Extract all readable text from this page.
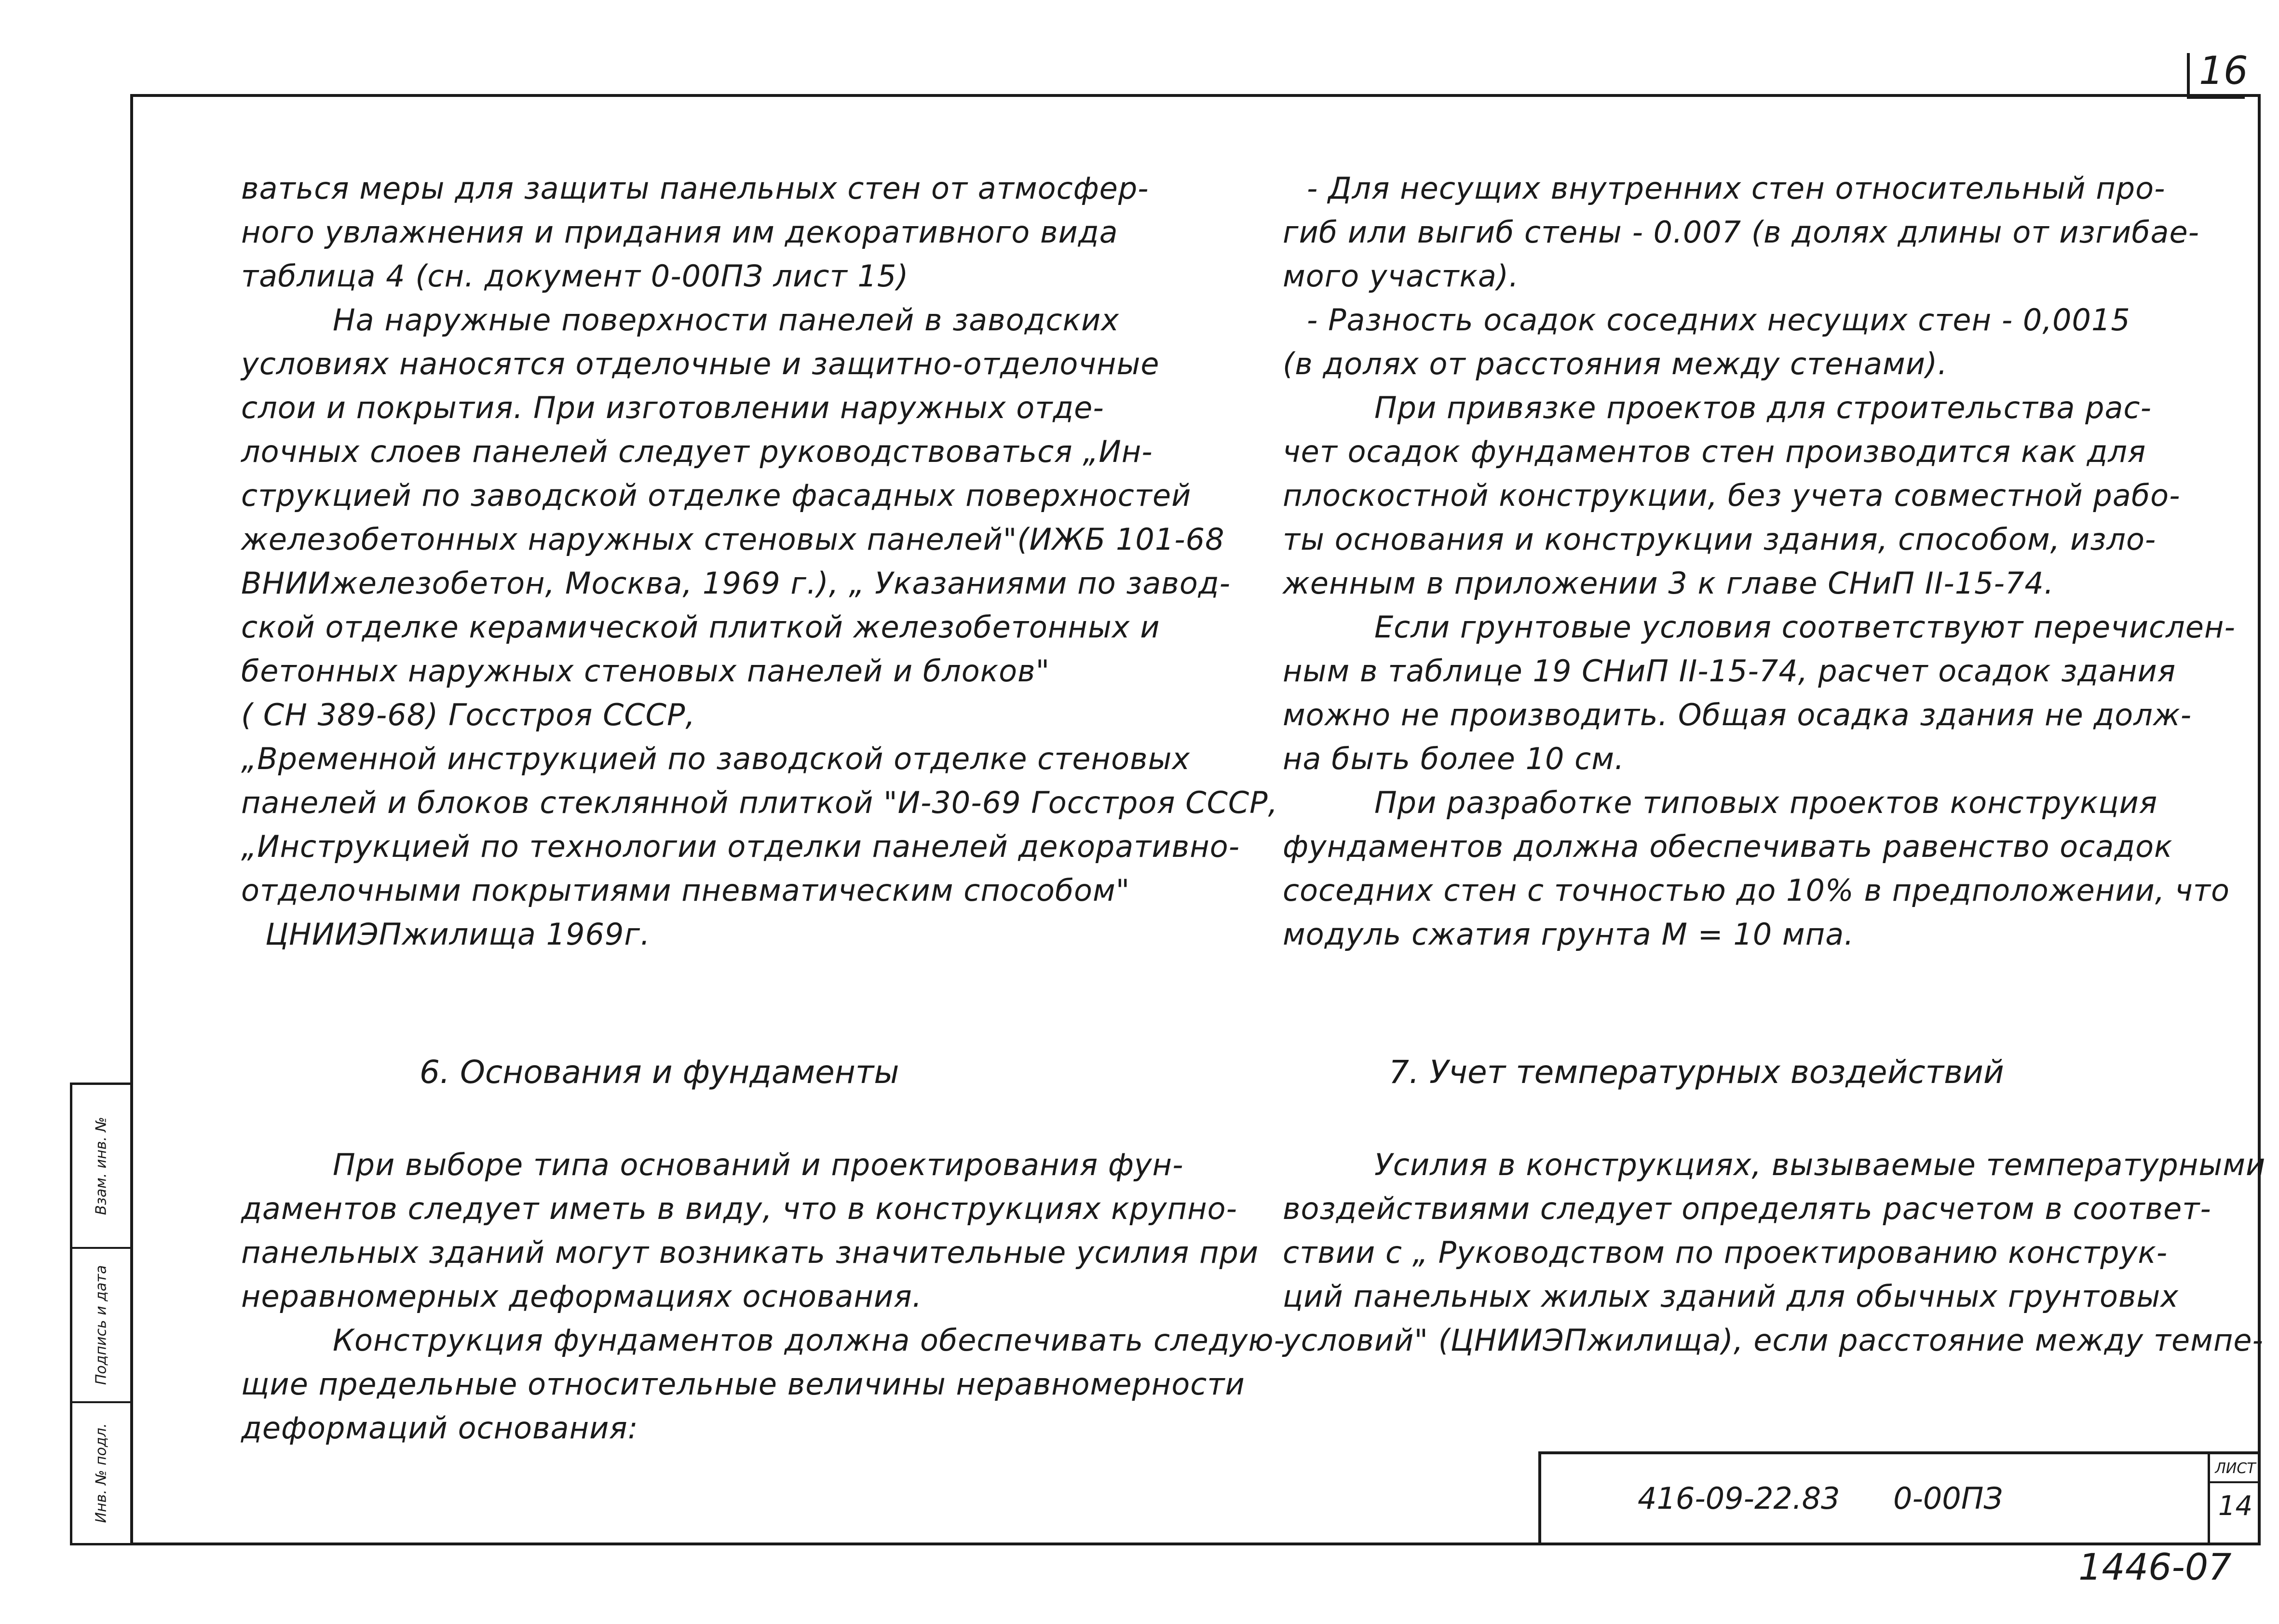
16
ваться меры для защиты панельных стен от атмосфер-
ного увлажнения и придания им декоративного вида
таблица 4 (сн. документ 0-00ПЗ лист 15)
На наружные поверхности панелей в заводских
условиях наносятся отделочные и защитно-отделочные
слои и покрытия. При изготовлении наружных отде-
лочных слоев панелей следует руководствоваться „Ин-
струкцией по заводской отделке фасадных поверхностей
железобетонных наружных стеновых панелей"(ИЖБ 101-68
ВНИИжелезобетон, Москва, 1969 г.), „ Указаниями по завод-
ской отделке керамической плиткой железобетонных и
бетонных наружных стеновых панелей и блоков"
( СН 389-68) Госстроя СССР,
„Временной инструкцией по заводской отделке стеновых
панелей и блоков стеклянной плиткой "И-30-69 Госстроя СССР,
„Инструкцией по технологии отделки панелей декоративно-
отделочными покрытиями пневматическим способом"
ЦНИИЭПжилища 1969г.
- Для несущих внутренних стен относительный про-
гиб или выгиб стены - 0.007 (в долях длины от изгибае-
мого участка).
- Разность осадок соседних несущих стен - 0,0015
(в долях от расстояния между стенами).
При привязке проектов для строительства рас-
чет осадок фундаментов стен производится как для
плоскостной конструкции, без учета совместной рабо-
ты основания и конструкции здания, способом, изло-
женным в приложении 3 к главе СНиП II-15-74.
Если грунтовые условия соответствуют перечислен-
ным в таблице 19 СНиП II-15-74, расчет осадок здания
можно не производить. Общая осадка здания не долж-
на быть более 10 см.
При разработке типовых проектов конструкция
фундаментов должна обеспечивать равенство осадок
соседних стен с точностью до 10% в предположении, что
модуль сжатия грунта М = 10 мпа.
6. Основания и фундаменты	7. Учет температурных воздействий
При выборе типа оснований и проектирования фун-
даментов следует иметь в виду, что в конструкциях крупно-
панельных зданий могут возникать значительные усилия при
неравномерных деформациях основания.
Конструкция фундаментов должна обеспечивать следую-
щие предельные относительные величины неравномерности
деформаций основания:
Усилия в конструкциях, вызываемые температурными
воздействиями следует определять расчетом в соответ-
ствии с „ Руководством по проектированию конструк-
ций панельных жилых зданий для обычных грунтовых
условий" (ЦНИИЭПжилища), если расстояние между темпе-
Взам. инв. №
Подпись и дата
Инв. № подл.	416-09-22.83 0-00ПЗ
ЛИСТ
14
1446-07
